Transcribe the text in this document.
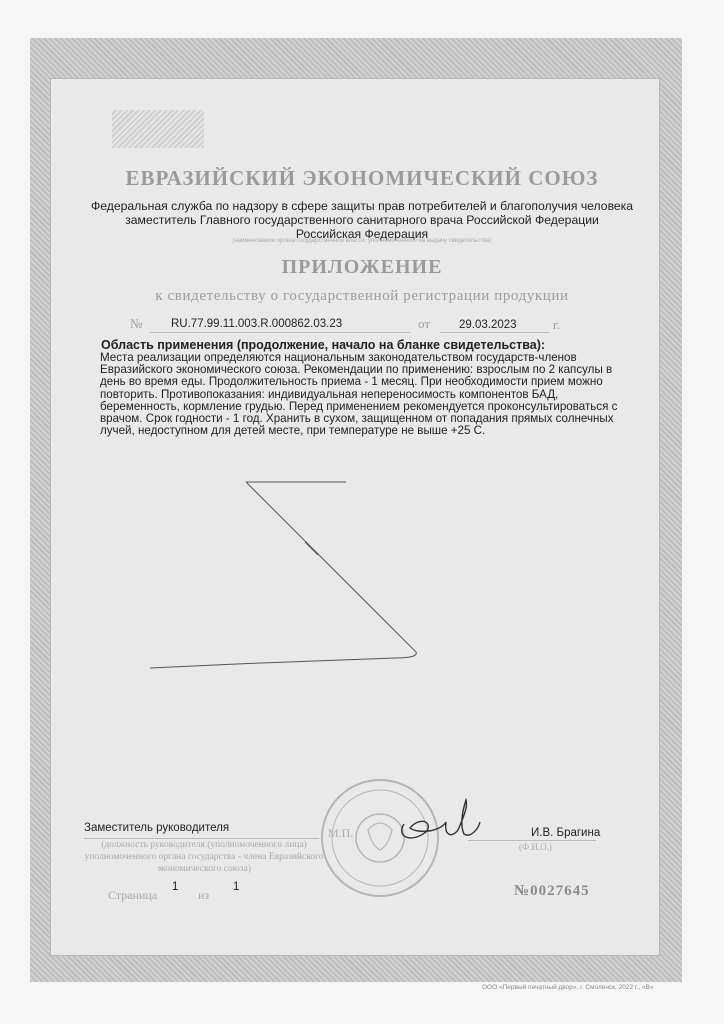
ЕВРАЗИЙСКИЙ ЭКОНОМИЧЕСКИЙ СОЮЗ
Федеральная служба по надзору в сфере защиты прав потребителей и благополучия человека
заместитель Главного государственного санитарного врача Российской Федерации
Российская Федерация
(наименование органа государственной власти, уполномоченного на выдачу свидетельства)
ПРИЛОЖЕНИЕ
к свидетельству о государственной регистрации продукции
№ RU.77.99.11.003.R.000862.03.23	от	29.03.2023	г.
Область применения (продолжение, начало на бланке свидетельства):
Места реализации определяются национальным законодательством государств-членов
Евразийского экономического союза. Рекомендации по применению: взрослым по 2 капсулы в
день во время еды. Продолжительность приема - 1 месяц. При необходимости прием можно
повторить. Противопоказания: индивидуальная непереносимость компонентов БАД,
беременность, кормление грудью. Перед применением рекомендуется проконсультироваться с
врачом. Срок годности - 1 год. Хранить в сухом, защищенном от попадания прямых солнечных
лучей, недоступном для детей месте, при температуре не выше +25 С.
Заместитель руководителя
(должность руководителя (уполномоченного лица) уполномоченного органа государства - члена Евразийского экономического союза)
М.П.	И.В. Брагина
(Ф.И.О.)
Страница
1
из
1	№0027645
ООО «Первый печатный двор», г. Смоленск, 2022 г., «В»
